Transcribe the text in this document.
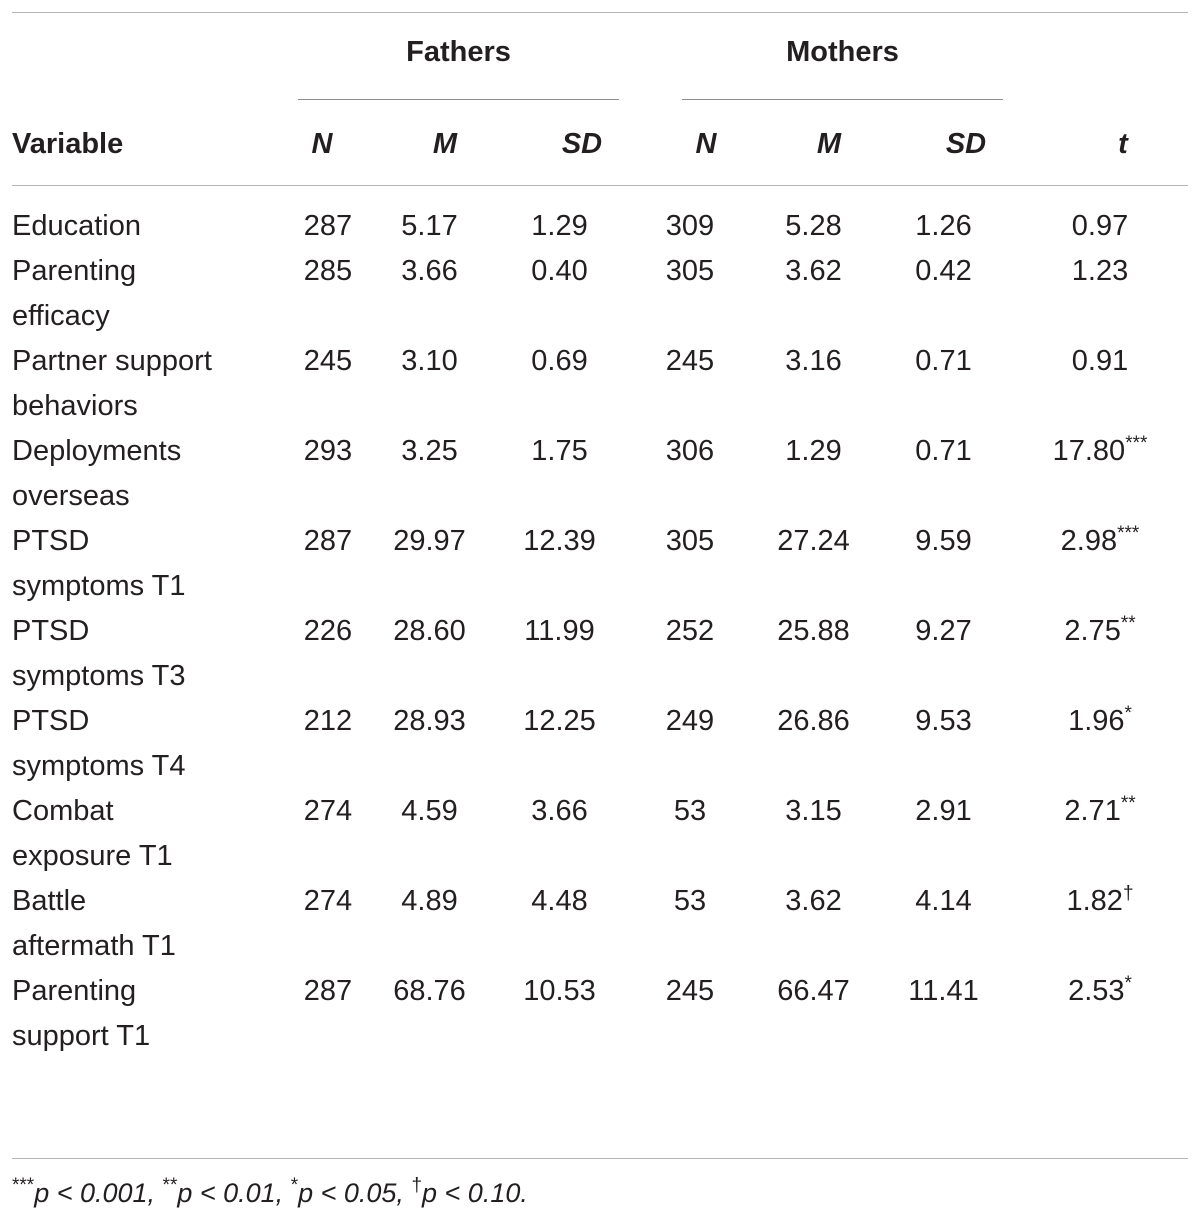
Fathers	Mothers
Variable	N	M	SD	N	M	SD	t
Education	287	5.17	1.29	309	5.28	1.26	0.97

Parenting
efficacy	285	3.66	0.40	305	3.62	0.42	1.23

Partner support
behaviors	245	3.10	0.69	245	3.16	0.71	0.91

Deployments
overseas	293	3.25	1.75	306	1.29	0.71	17.80***

PTSD
symptoms T1	287	29.97	12.39	305	27.24	9.59	2.98***

PTSD
symptoms T3	226	28.60	11.99	252	25.88	9.27	2.75**

PTSD
symptoms T4	212	28.93	12.25	249	26.86	9.53	1.96*

Combat
exposure T1	274	4.59	3.66	53	3.15	2.91	2.71**

Battle
aftermath T1	274	4.89	4.48	53	3.62	4.14	1.82†

Parenting
support T1	287	68.76	10.53	245	66.47	11.41	2.53*
***p < 0.001, **p < 0.01, *p < 0.05, †p < 0.10.
